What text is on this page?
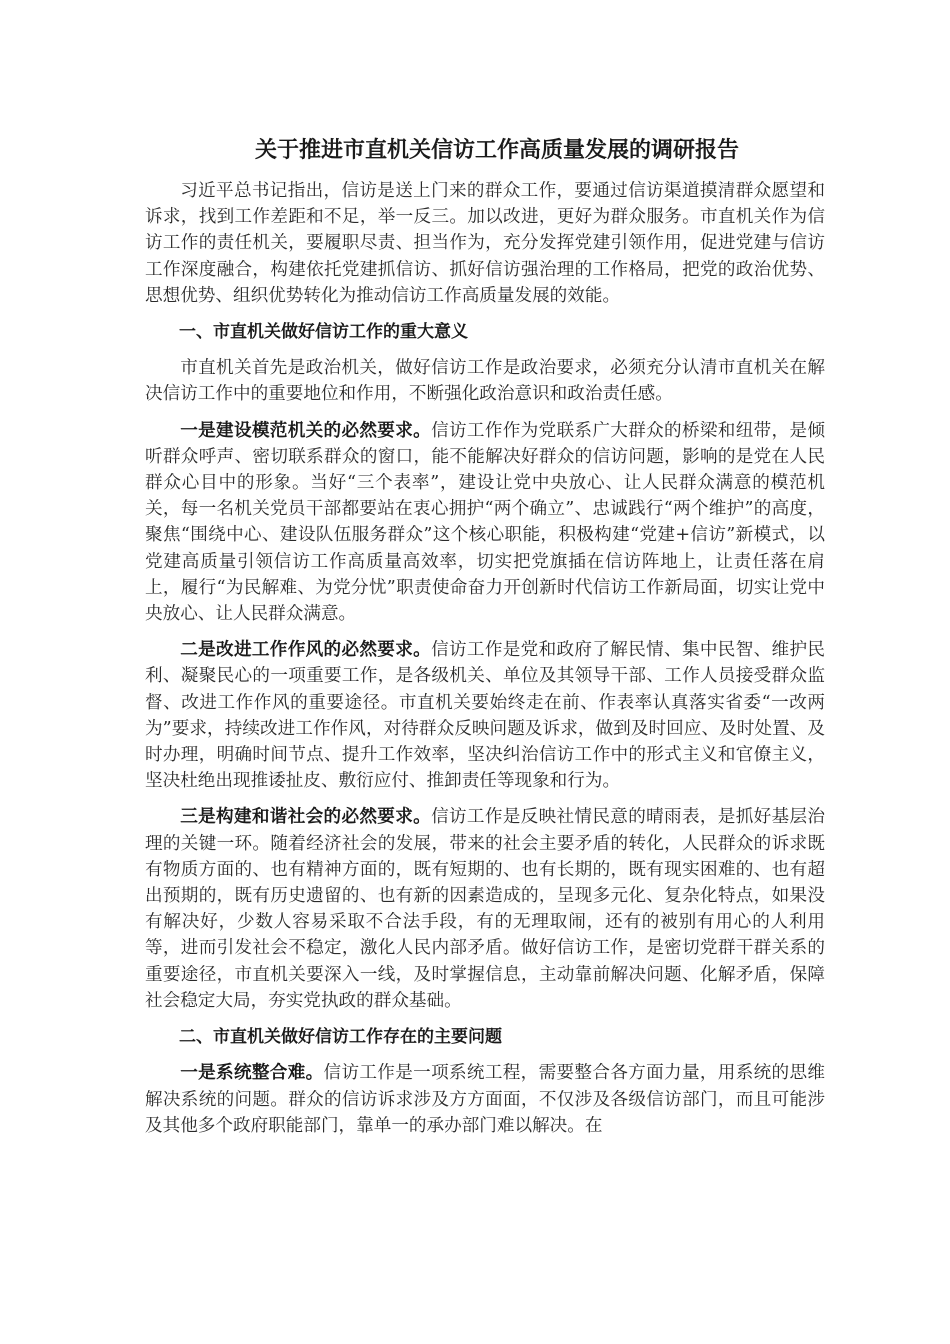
关于推进市直机关信访工作高质量发展的调研报告

习近平总书记指出，信访是送上门来的群众工作，要通过信访渠道摸清群众愿望和诉求，找到工作差距和不足，举一反三。加以改进，更好为群众服务。市直机关作为信访工作的责任机关，要履职尽责、担当作为，充分发挥党建引领作用，促进党建与信访工作深度融合，构建依托党建抓信访、抓好信访强治理的工作格局，把党的政治优势、思想优势、组织优势转化为推动信访工作高质量发展的效能。

一、市直机关做好信访工作的重大意义

市直机关首先是政治机关，做好信访工作是政治要求，必须充分认清市直机关在解决信访工作中的重要地位和作用，不断强化政治意识和政治责任感。

一是建设模范机关的必然要求。信访工作作为党联系广大群众的桥梁和纽带，是倾听群众呼声、密切联系群众的窗口，能不能解决好群众的信访问题，影响的是党在人民群众心目中的形象。当好“三个表率”，建设让党中央放心、让人民群众满意的模范机关，每一名机关党员干部都要站在衷心拥护“两个确立”、忠诚践行“两个维护”的高度，聚焦“围绕中心、建设队伍服务群众”这个核心职能，积极构建“党建+信访”新模式，以党建高质量引领信访工作高质量高效率，切实把党旗插在信访阵地上，让责任落在肩上，履行“为民解难、为党分忧”职责使命奋力开创新时代信访工作新局面，切实让党中央放心、让人民群众满意。

二是改进工作作风的必然要求。信访工作是党和政府了解民情、集中民智、维护民利、凝聚民心的一项重要工作，是各级机关、单位及其领导干部、工作人员接受群众监督、改进工作作风的重要途径。市直机关要始终走在前、作表率认真落实省委“一改两为”要求，持续改进工作作风，对待群众反映问题及诉求，做到及时回应、及时处置、及时办理，明确时间节点、提升工作效率，坚决纠治信访工作中的形式主义和官僚主义，坚决杜绝出现推诿扯皮、敷衍应付、推卸责任等现象和行为。

三是构建和谐社会的必然要求。信访工作是反映社情民意的晴雨表，是抓好基层治理的关键一环。随着经济社会的发展，带来的社会主要矛盾的转化，人民群众的诉求既有物质方面的、也有精神方面的，既有短期的、也有长期的，既有现实困难的、也有超出预期的，既有历史遗留的、也有新的因素造成的，呈现多元化、复杂化特点，如果没有解决好，少数人容易采取不合法手段，有的无理取闹，还有的被别有用心的人利用等，进而引发社会不稳定，激化人民内部矛盾。做好信访工作，是密切党群干群关系的重要途径，市直机关要深入一线，及时掌握信息，主动靠前解决问题、化解矛盾，保障社会稳定大局，夯实党执政的群众基础。

二、市直机关做好信访工作存在的主要问题

一是系统整合难。信访工作是一项系统工程，需要整合各方面力量，用系统的思维解决系统的问题。群众的信访诉求涉及方方面面，不仅涉及各级信访部门，而且可能涉及其他多个政府职能部门，靠单一的承办部门难以解决。在
